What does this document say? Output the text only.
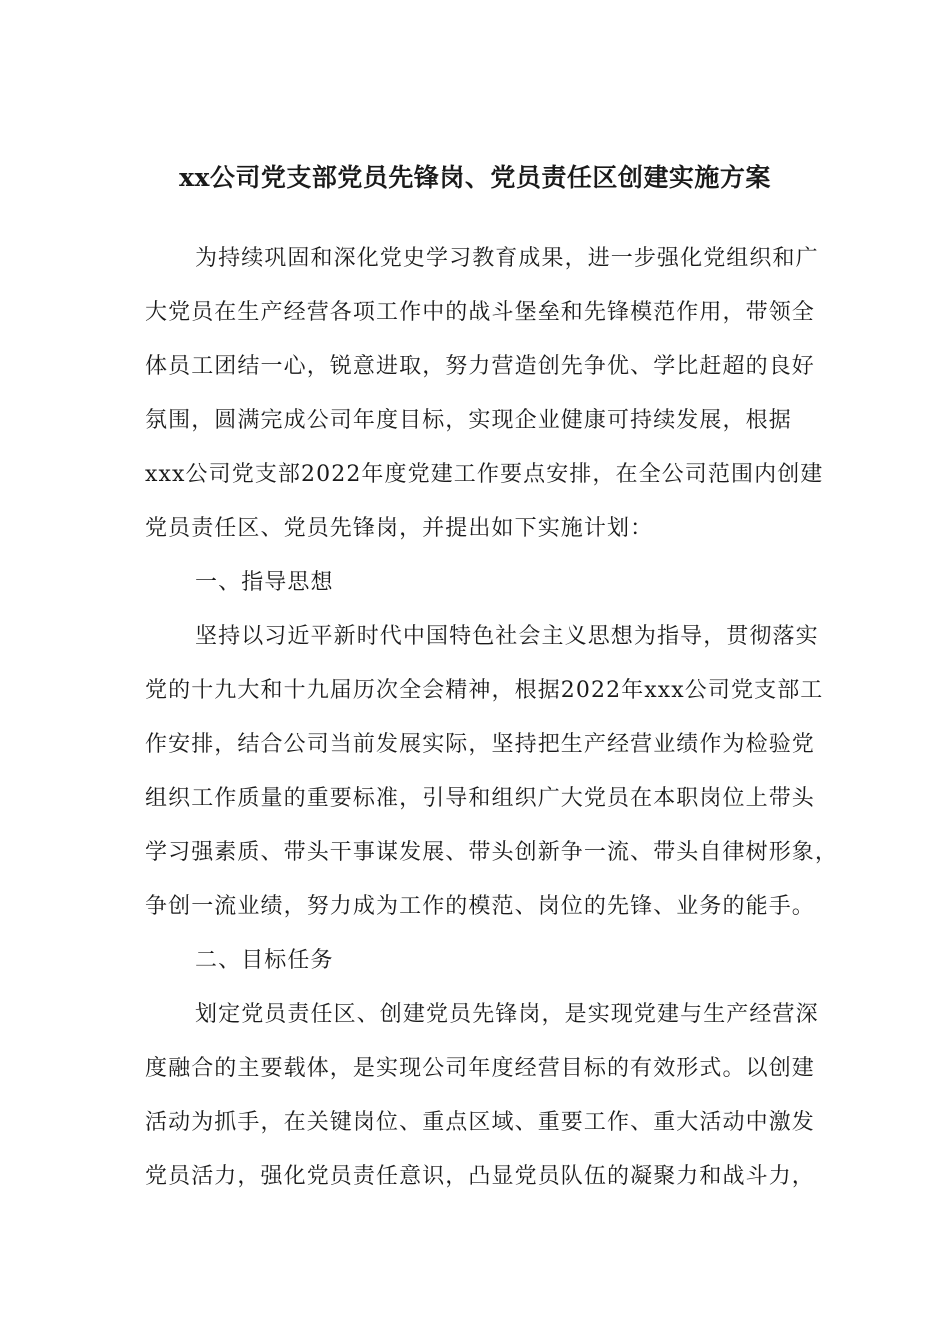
xx公司党支部党员先锋岗、党员责任区创建实施方案
为持续巩固和深化党史学习教育成果，进一步强化党组织和广
大党员在生产经营各项工作中的战斗堡垒和先锋模范作用，带领全
体员工团结一心，锐意进取，努力营造创先争优、学比赶超的良好
氛围，圆满完成公司年度目标，实现企业健康可持续发展，根据
xxx公司党支部2022年度党建工作要点安排，在全公司范围内创建
党员责任区、党员先锋岗，并提出如下实施计划：
一、指导思想
坚持以习近平新时代中国特色社会主义思想为指导，贯彻落实
党的十九大和十九届历次全会精神，根据2022年xxx公司党支部工
作安排，结合公司当前发展实际，坚持把生产经营业绩作为检验党
组织工作质量的重要标准，引导和组织广大党员在本职岗位上带头
学习强素质、带头干事谋发展、带头创新争一流、带头自律树形象，
争创一流业绩，努力成为工作的模范、岗位的先锋、业务的能手。
二、目标任务
划定党员责任区、创建党员先锋岗，是实现党建与生产经营深
度融合的主要载体，是实现公司年度经营目标的有效形式。以创建
活动为抓手，在关键岗位、重点区域、重要工作、重大活动中激发
党员活力，强化党员责任意识，凸显党员队伍的凝聚力和战斗力，
